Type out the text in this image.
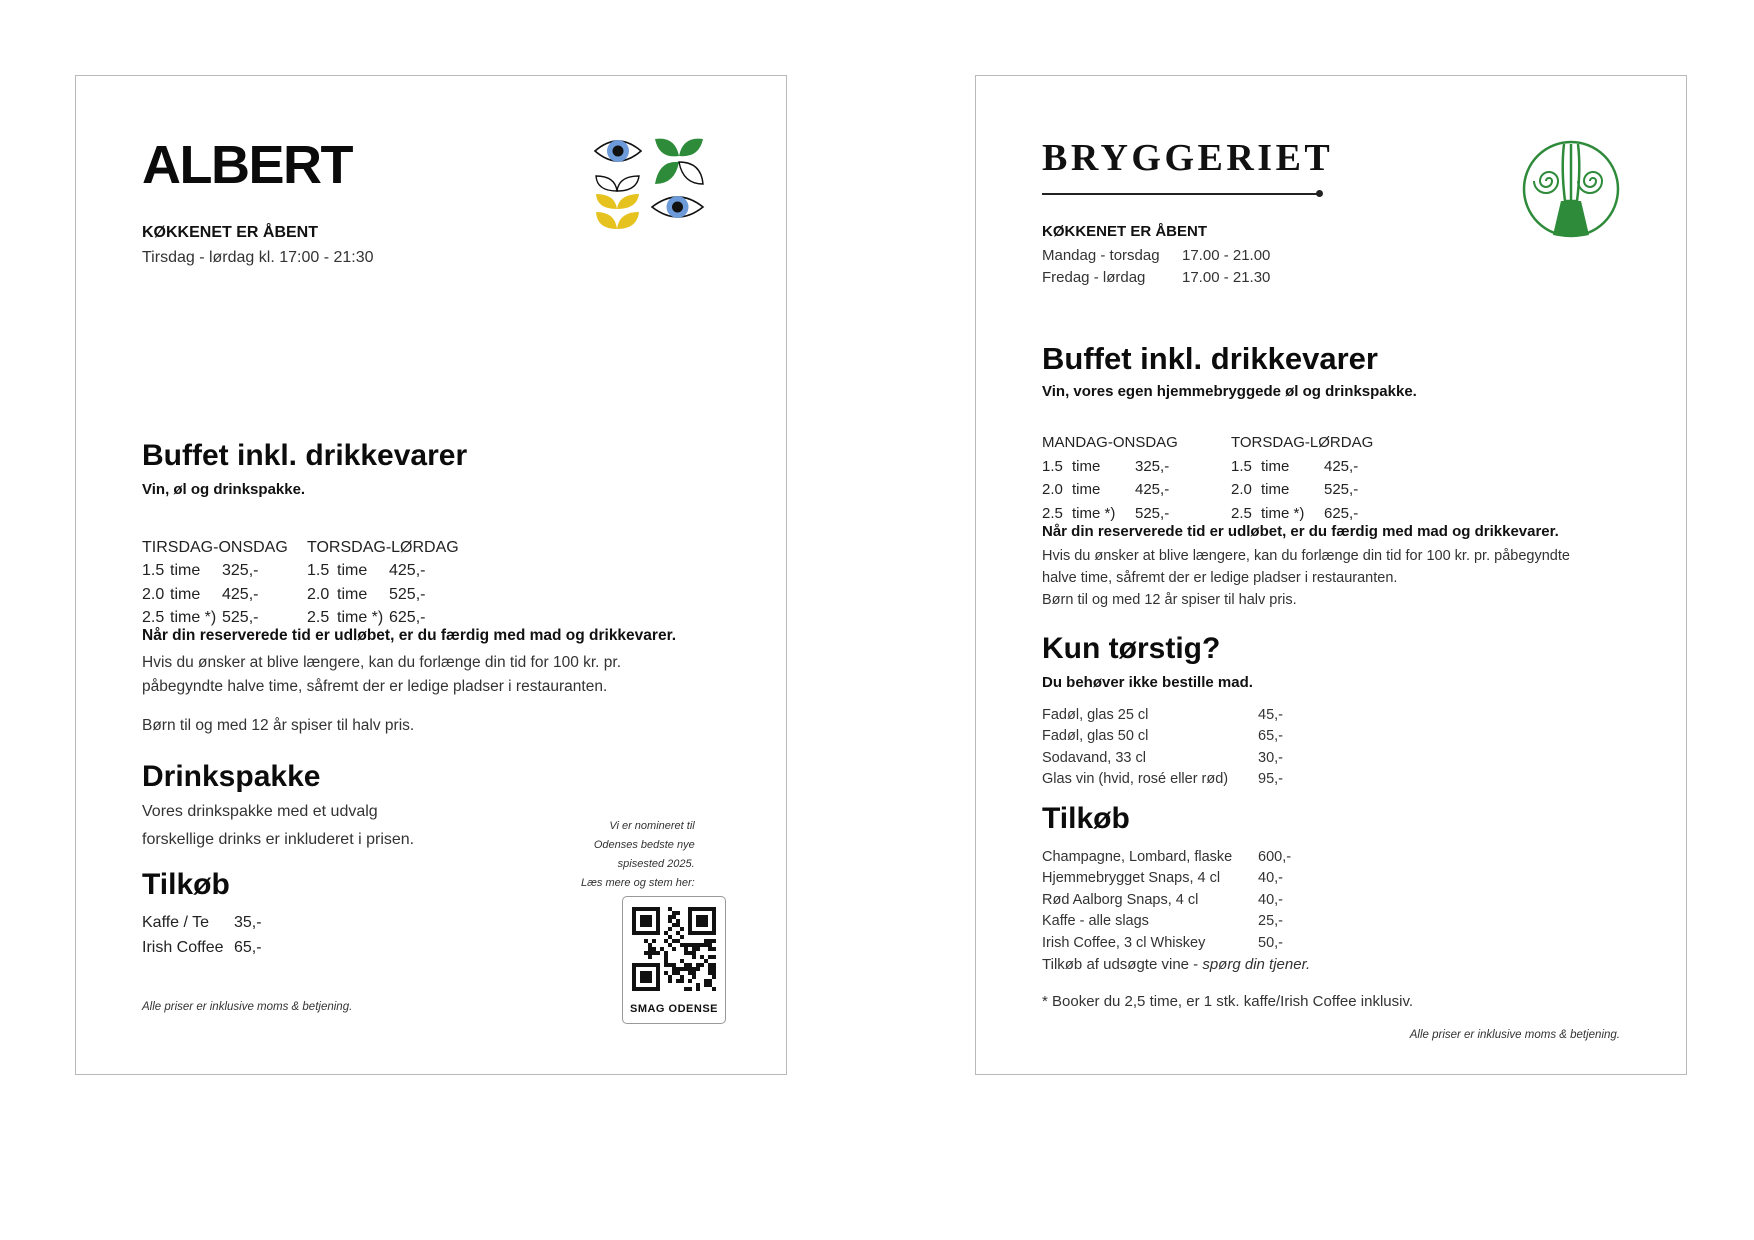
ALBERT
KØKKENET ER ÅBENT
Tirsdag - lørdag kl. 17:00 - 21:30
Buffet inkl. drikkevarer
Vin, øl og drinkspakke.
TIRSDAG-ONSDAG			TORSDAG-LØRDAG		
1.5	time	325,-		1.5	time	425,-
2.0	time	425,-		2.0	time	525,-
2.5	time *)	525,-		2.5	time *)	625,-
Når din reserverede tid er udløbet, er du færdig med mad og drikkevarer.

Hvis du ønsker at blive længere, kan du forlænge din tid for 100 kr. pr. påbegyndte halve time, såfremt der er ledige pladser i restauranten.

Børn til og med 12 år spiser til halv pris.

Drinkspakke
Vores drinkspakke med et udvalg forskellige drinks er inkluderet i prisen.
Tilkøb
Kaffe / Te	35,-
Irish Coffee	65,-
Alle priser er inklusive moms & betjening.
Vi er nomineret til
Odenses bedste nye
spisested 2025.
Læs mere og stem her:
SMAG ODENSE
BRYGGERIET
KØKKENET ER ÅBENT
Mandag - torsdag	17.00 - 21.00
Fredag - lørdag	17.00 - 21.30
Buffet inkl. drikkevarer
Vin, vores egen hjemmebryggede øl og drinkspakke.
MANDAG-ONSDAG			TORSDAG-LØRDAG		
1.5	time	325,-	1.5	time	425,-
2.0	time	425,-	2.0	time	525,-
2.5	time *)	525,-	2.5	time *)	625,-
Når din reserverede tid er udløbet, er du færdig med mad og drikkevarer.

Hvis du ønsker at blive længere, kan du forlænge din tid for 100 kr. pr. påbegyndte

halve time, såfremt der er ledige pladser i restauranten.

Børn til og med 12 år spiser til halv pris.

Kun tørstig?
Du behøver ikke bestille mad.
Fadøl, glas 25 cl	45,-
Fadøl, glas 50 cl	65,-
Sodavand, 33 cl	30,-
Glas vin (hvid, rosé eller rød)	95,-
Tilkøb
Champagne, Lombard, flaske	600,-
Hjemmebrygget Snaps, 4 cl	40,-
Rød Aalborg Snaps, 4 cl	40,-
Kaffe - alle slags	25,-
Irish Coffee, 3 cl Whiskey	50,-
Tilkøb af udsøgte vine - spørg din tjener.
* Booker du 2,5 time, er 1 stk. kaffe/Irish Coffee inklusiv.
Alle priser er inklusive moms & betjening.
